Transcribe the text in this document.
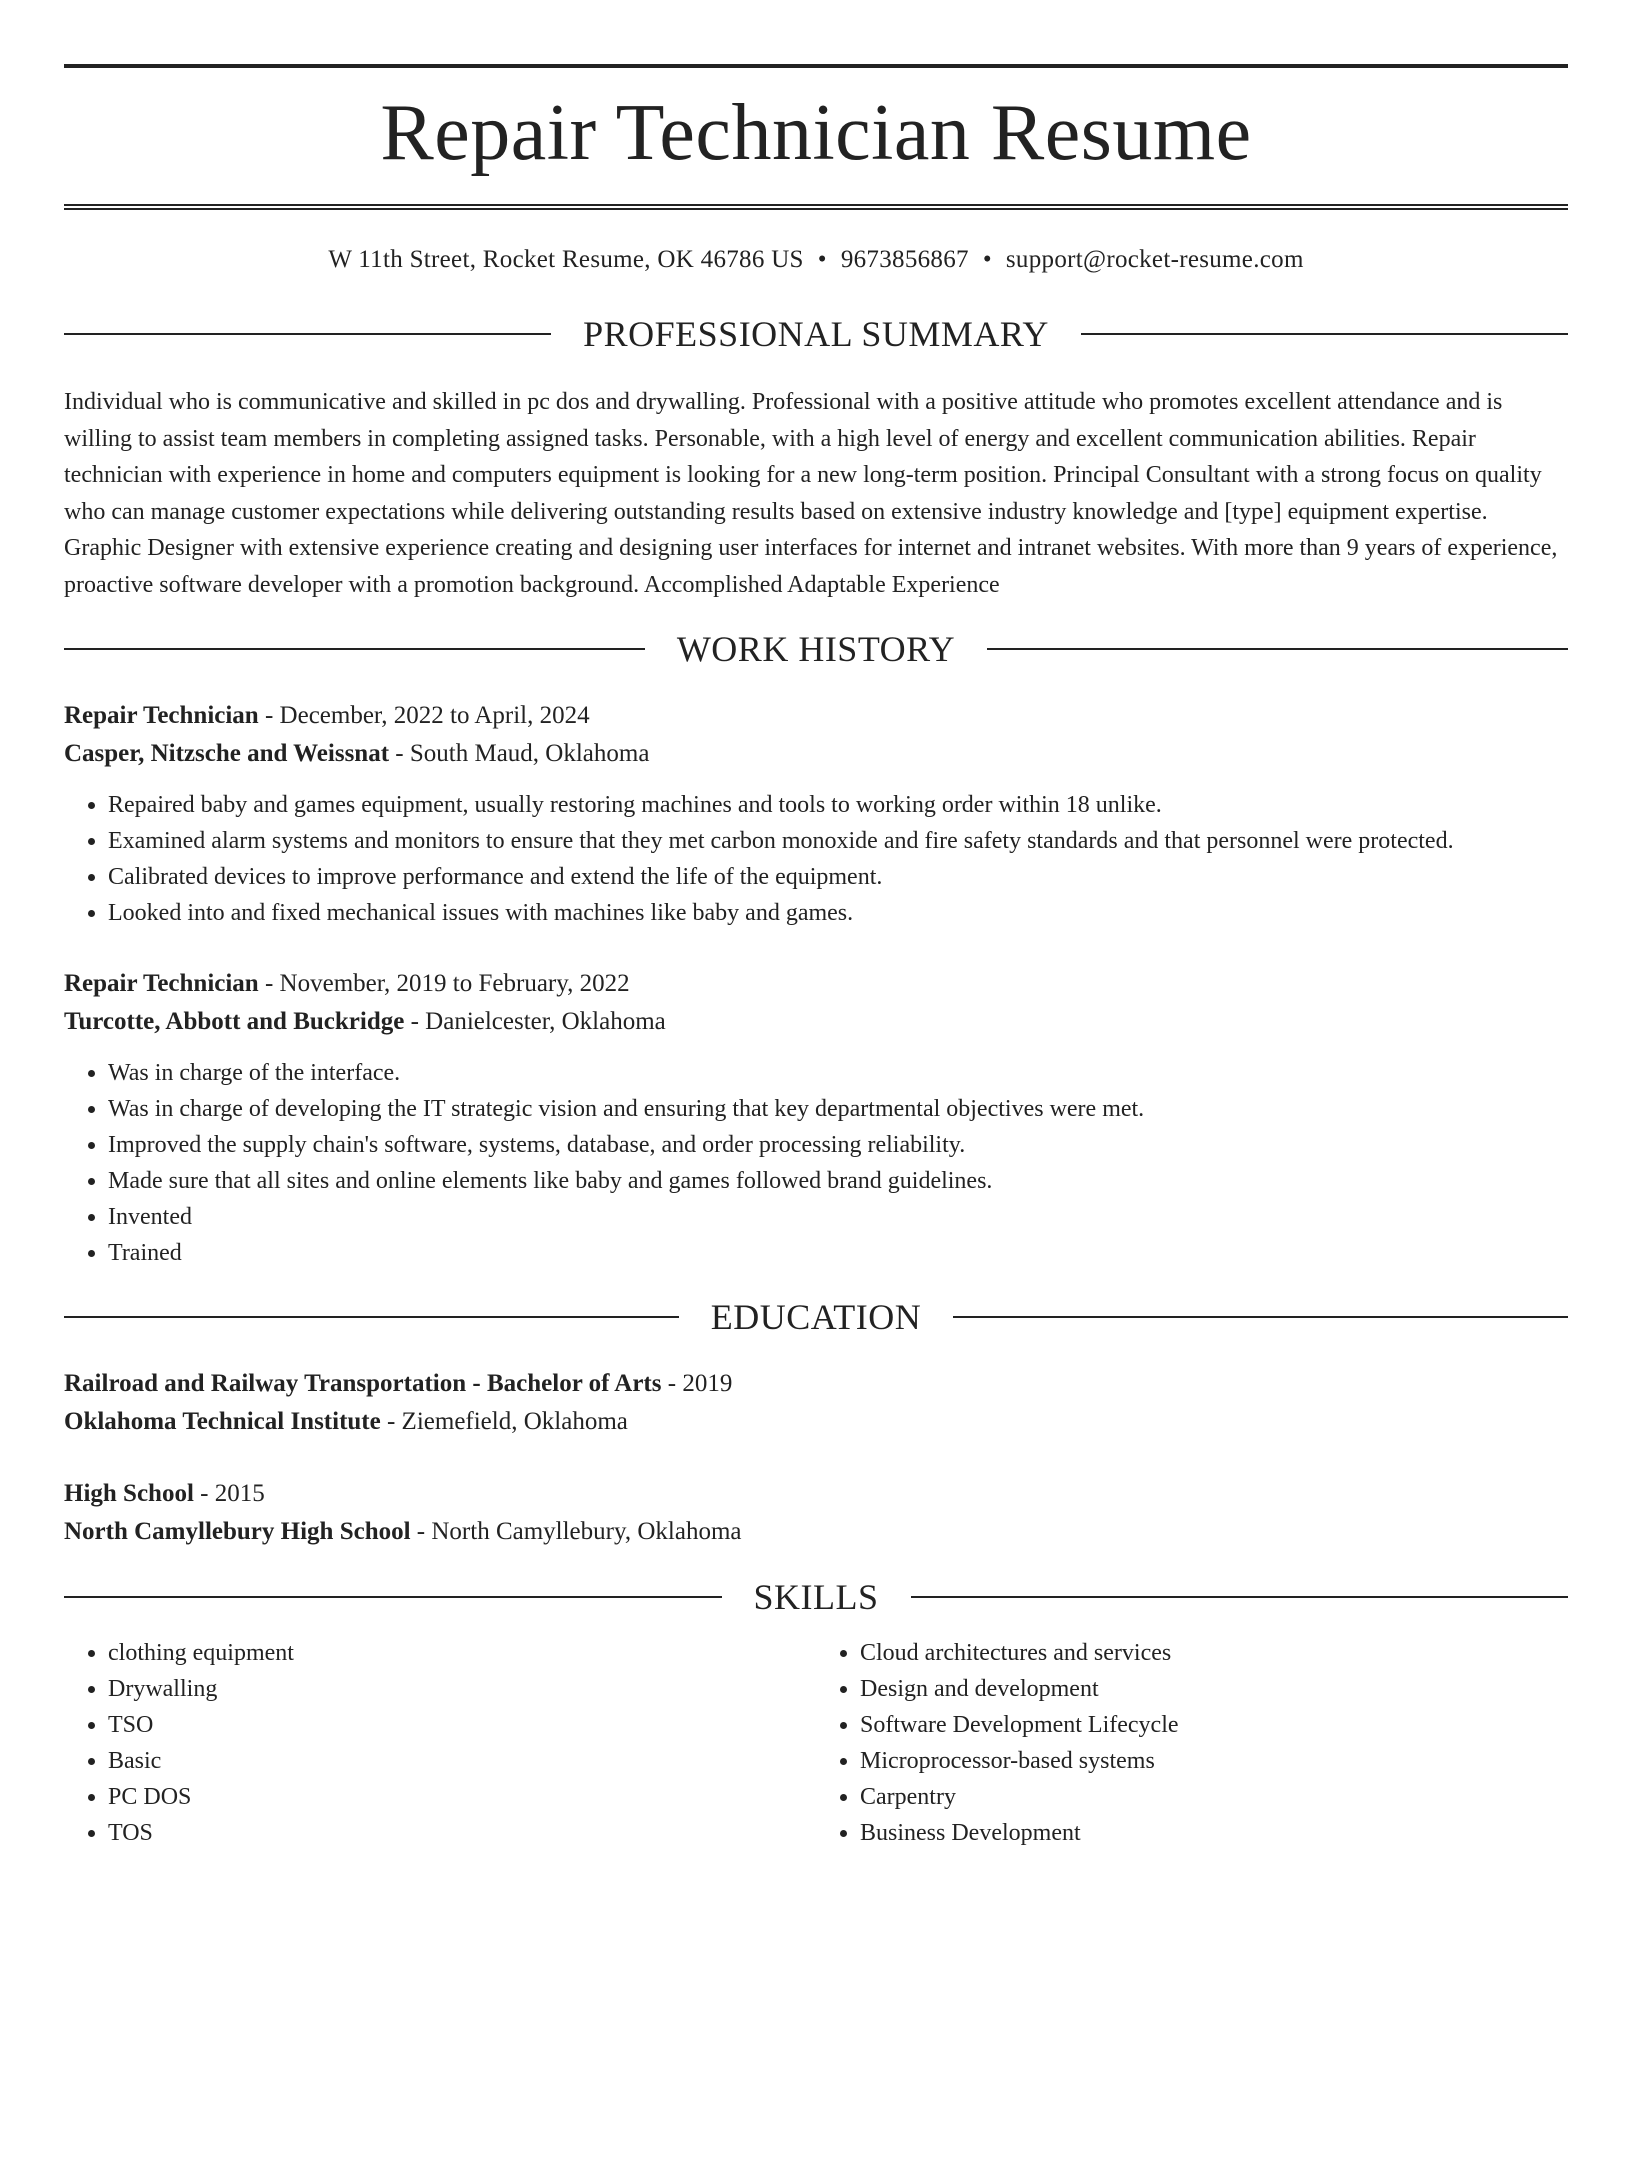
Repair Technician Resume
W 11th Street, Rocket Resume, OK 46786 US • 9673856867 • support@rocket-resume.com
PROFESSIONAL SUMMARY
Individual who is communicative and skilled in pc dos and drywalling. Professional with a positive attitude who promotes excellent attendance and is willing to assist team members in completing assigned tasks. Personable, with a high level of energy and excellent communication abilities. Repair technician with experience in home and computers equipment is looking for a new long-term position. Principal Consultant with a strong focus on quality who can manage customer expectations while delivering outstanding results based on extensive industry knowledge and [type] equipment expertise. Graphic Designer with extensive experience creating and designing user interfaces for internet and intranet websites. With more than 9 years of experience, proactive software developer with a promotion background. Accomplished Adaptable Experience
WORK HISTORY
Repair Technician - December, 2022 to April, 2024
Casper, Nitzsche and Weissnat - South Maud, Oklahoma
• Repaired baby and games equipment, usually restoring machines and tools to working order within 18 unlike.
• Examined alarm systems and monitors to ensure that they met carbon monoxide and fire safety standards and that personnel were protected.
• Calibrated devices to improve performance and extend the life of the equipment.
• Looked into and fixed mechanical issues with machines like baby and games.
Repair Technician - November, 2019 to February, 2022
Turcotte, Abbott and Buckridge - Danielcester, Oklahoma
• Was in charge of the interface.
• Was in charge of developing the IT strategic vision and ensuring that key departmental objectives were met.
• Improved the supply chain's software, systems, database, and order processing reliability.
• Made sure that all sites and online elements like baby and games followed brand guidelines.
• Invented
• Trained
EDUCATION
Railroad and Railway Transportation - Bachelor of Arts - 2019
Oklahoma Technical Institute - Ziemefield, Oklahoma
High School - 2015
North Camyllebury High School - North Camyllebury, Oklahoma
SKILLS
• clothing equipment
• Drywalling
• TSO
• Basic
• PC DOS
• TOS
• Cloud architectures and services
• Design and development
• Software Development Lifecycle
• Microprocessor-based systems
• Carpentry
• Business Development
